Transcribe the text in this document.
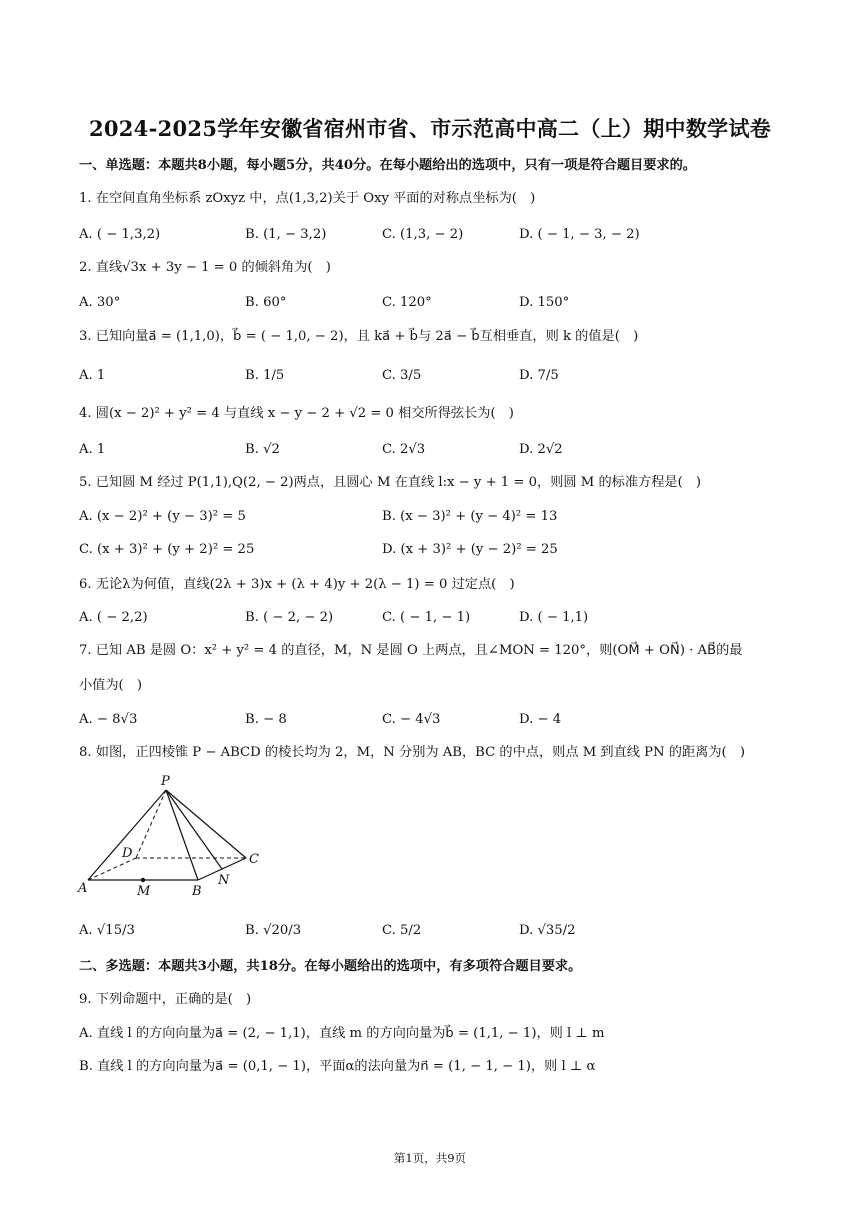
2024-2025学年安徽省宿州市省、市示范高中高二（上）期中数学试卷
一、单选题：本题共8小题，每小题5分，共40分。在每小题给出的选项中，只有一项是符合题目要求的。
1. 在空间直角坐标系 zOxyz 中，点(1,3,2)关于 Oxy 平面的对称点坐标为(　)
A. ( − 1,3,2)	B. (1, − 3,2)	C. (1,3, − 2)	D. ( − 1, − 3, − 2)
2. 直线√3x + 3y − 1 = 0 的倾斜角为(　)
A. 30°	B. 60°	C. 120°	D. 150°
3. 已知向量a⃗ = (1,1,0)，b⃗ = ( − 1,0, − 2)，且 ka⃗ + b⃗与 2a⃗ − b⃗互相垂直，则 k 的值是(　)
A. 1	B. 1/5	C. 3/5	D. 7/5
4. 圆(x − 2)² + y² = 4 与直线 x − y − 2 + √2 = 0 相交所得弦长为(　)
A. 1	B. √2	C. 2√3	D. 2√2
5. 已知圆 M 经过 P(1,1),Q(2, − 2)两点，且圆心 M 在直线 l:x − y + 1 = 0，则圆 M 的标准方程是(　)
A. (x − 2)² + (y − 3)² = 5	B. (x − 3)² + (y − 4)² = 13
C. (x + 3)² + (y + 2)² = 25	D. (x + 3)² + (y − 2)² = 25
6. 无论λ为何值，直线(2λ + 3)x + (λ + 4)y + 2(λ − 1) = 0 过定点(　)
A. ( − 2,2)	B. ( − 2, − 2)	C. ( − 1, − 1)	D. ( − 1,1)
7. 已知 AB 是圆 O：x² + y² = 4 的直径，M，N 是圆 O 上两点，且∠MON = 120°，则(OM⃗ + ON⃗) · AB⃗的最
小值为(　)
A. − 8√3	B. − 8	C. − 4√3	D. − 4
8. 如图，正四棱锥 P − ABCD 的棱长均为 2，M，N 分别为 AB，BC 的中点，则点 M 到直线 PN 的距离为(　)
P
D	C
A	M	B
N
A. √15/3	B. √20/3	C. 5/2	D. √35/2
二、多选题：本题共3小题，共18分。在每小题给出的选项中，有多项符合题目要求。
9. 下列命题中，正确的是(　)
A. 直线 l 的方向向量为a⃗ = (2, − 1,1)，直线 m 的方向向量为b⃗ = (1,1, − 1)，则 l ⊥ m
B. 直线 l 的方向向量为a⃗ = (0,1, − 1)，平面α的法向量为n⃗ = (1, − 1, − 1)，则 l ⊥ α
第1页，共9页
